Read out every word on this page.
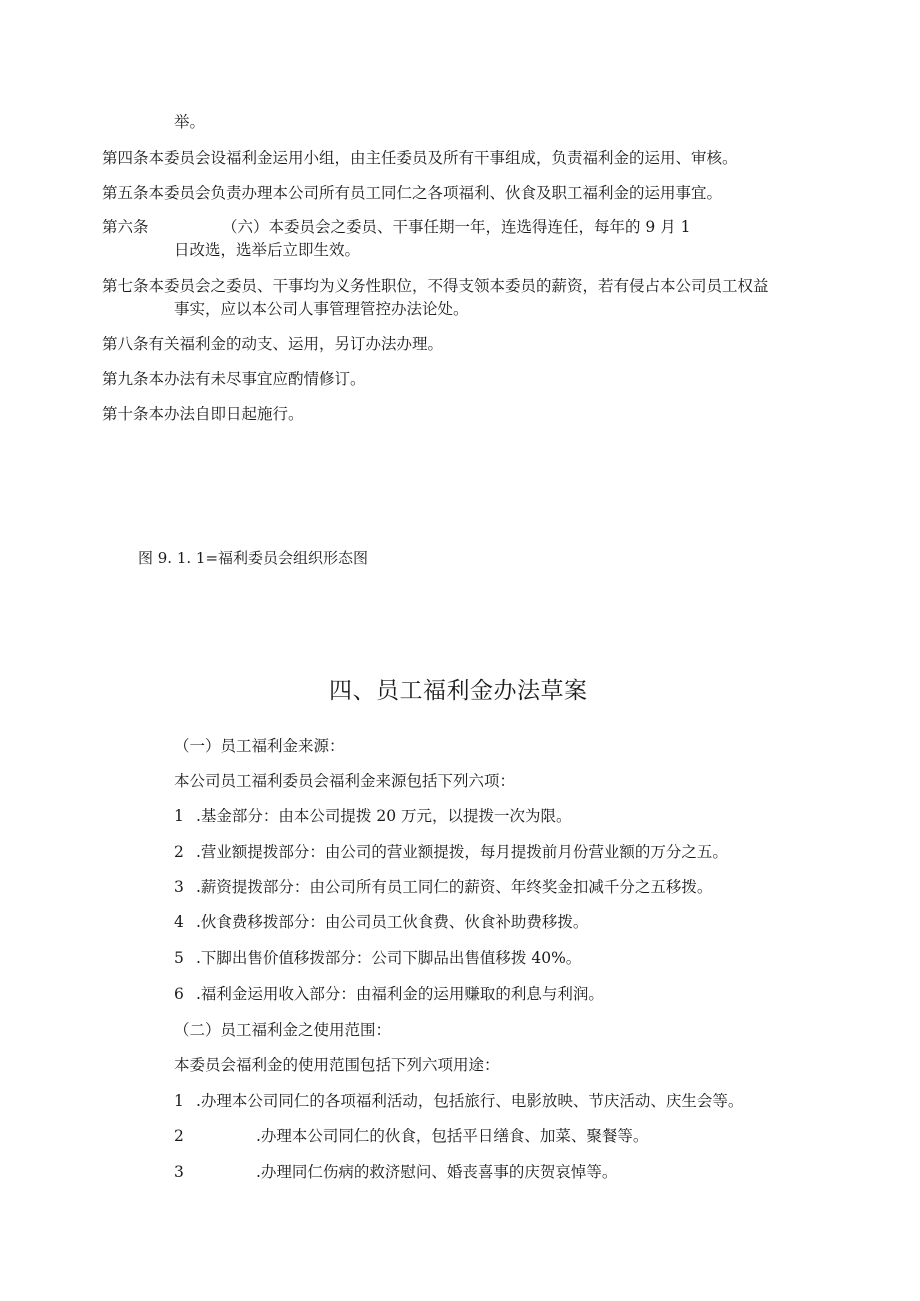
举。
第四条本委员会设福利金运用小组，由主任委员及所有干事组成，负责福利金的运用、审核。
第五条本委员会负责办理本公司所有员工同仁之各项福利、伙食及职工福利金的运用事宜。
第六条	（六）本委员会之委员、干事任期一年，连选得连任，每年的 9 月 1
日改选，选举后立即生效。
第七条本委员会之委员、干事均为义务性职位，不得支领本委员的薪资，若有侵占本公司员工权益
事实，应以本公司人事管理管控办法论处。
第八条有关福利金的动支、运用，另订办法办理。
第九条本办法有未尽事宜应酌情修订。
第十条本办法自即日起施行。
图 9. 1. 1=福利委员会组织形态图
四、员工福利金办法草案
（一）员工福利金来源：
本公司员工福利委员会福利金来源包括下列六项：
1 .基金部分：由本公司提拨 20 万元，以提拨一次为限。
2 .营业额提拨部分：由公司的营业额提拨，每月提拨前月份营业额的万分之五。
3 .薪资提拨部分：由公司所有员工同仁的薪资、年终奖金扣减千分之五移拨。
4 .伙食费移拨部分：由公司员工伙食费、伙食补助费移拨。
5 .下脚出售价值移拨部分：公司下脚品出售值移拨 40%。
6 .福利金运用收入部分：由福利金的运用赚取的利息与利润。
（二）员工福利金之使用范围：
本委员会福利金的使用范围包括下列六项用途：
1 .办理本公司同仁的各项福利活动，包括旅行、电影放映、节庆活动、庆生会等。
2	.办理本公司同仁的伙食，包括平日缮食、加菜、聚餐等。
3	.办理同仁伤病的救济慰问、婚丧喜事的庆贺哀悼等。
